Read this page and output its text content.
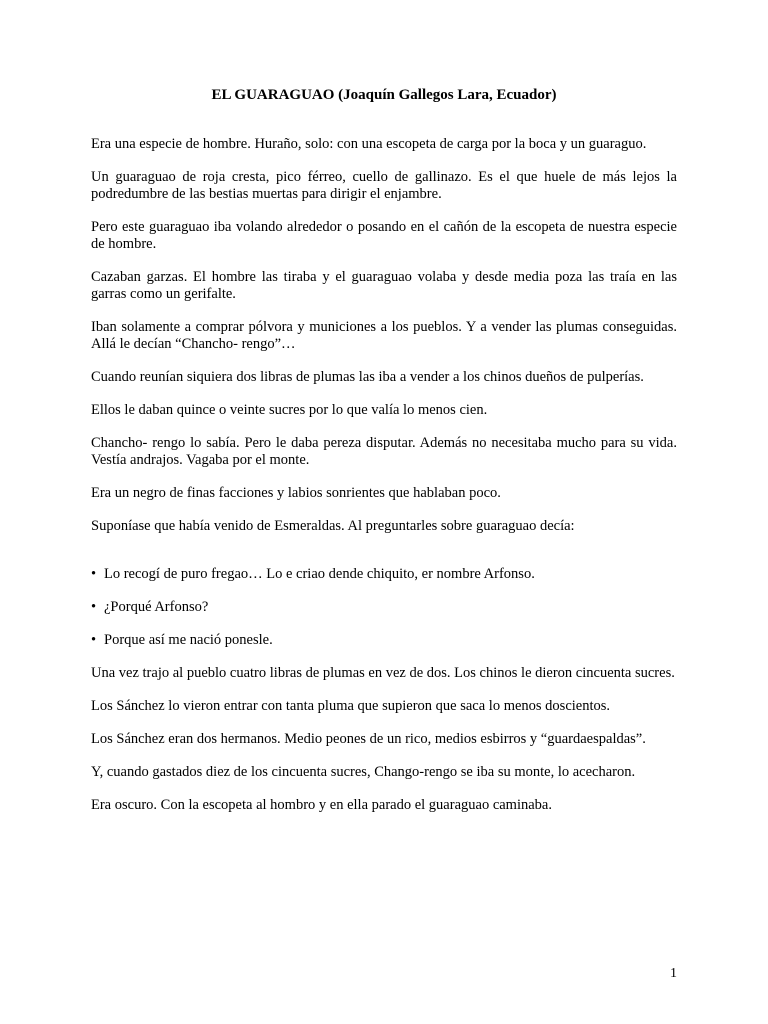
EL GUARAGUAO (Joaquín Gallegos Lara, Ecuador)

Era una especie de hombre. Huraño, solo: con una escopeta de carga por la boca y un guaraguo.

Un guaraguao de roja cresta, pico férreo, cuello de gallinazo. Es el que huele de más lejos la podredumbre de las bestias muertas para dirigir el enjambre.

Pero este guaraguao iba volando alrededor o posando en el cañón de la escopeta de nuestra especie de hombre.

Cazaban garzas. El hombre las tiraba y el guaraguao volaba y desde media poza las traía en las garras como un gerifalte.

Iban solamente a comprar pólvora y municiones a los pueblos. Y a vender las plumas conseguidas. Allá le decían “Chancho- rengo”…

Cuando reunían siquiera dos libras de plumas las iba a vender a los chinos dueños de pulperías.

Ellos le daban quince o veinte sucres por lo que valía lo menos cien.

Chancho- rengo lo sabía. Pero le daba pereza disputar. Además no necesitaba mucho para su vida. Vestía andrajos. Vagaba por el monte.

Era un negro de finas facciones y labios sonrientes que hablaban poco.

Suponíase que había venido de Esmeraldas. Al preguntarles sobre guaraguao decía:

• Lo recogí de puro fregao… Lo e criao dende chiquito, er nombre Arfonso.
• ¿Porqué Arfonso?
• Porque así me nació ponesle.

Una vez trajo al pueblo cuatro libras de plumas en vez de dos. Los chinos le dieron cincuenta sucres.

Los Sánchez lo vieron entrar con tanta pluma que supieron que saca lo menos doscientos.

Los Sánchez eran dos hermanos. Medio peones de un rico, medios esbirros y “guardaespaldas”.

Y, cuando gastados diez de los cincuenta sucres, Chango-rengo se iba su monte, lo acecharon.

Era oscuro. Con la escopeta al hombro y en ella parado el guaraguao caminaba.

1
